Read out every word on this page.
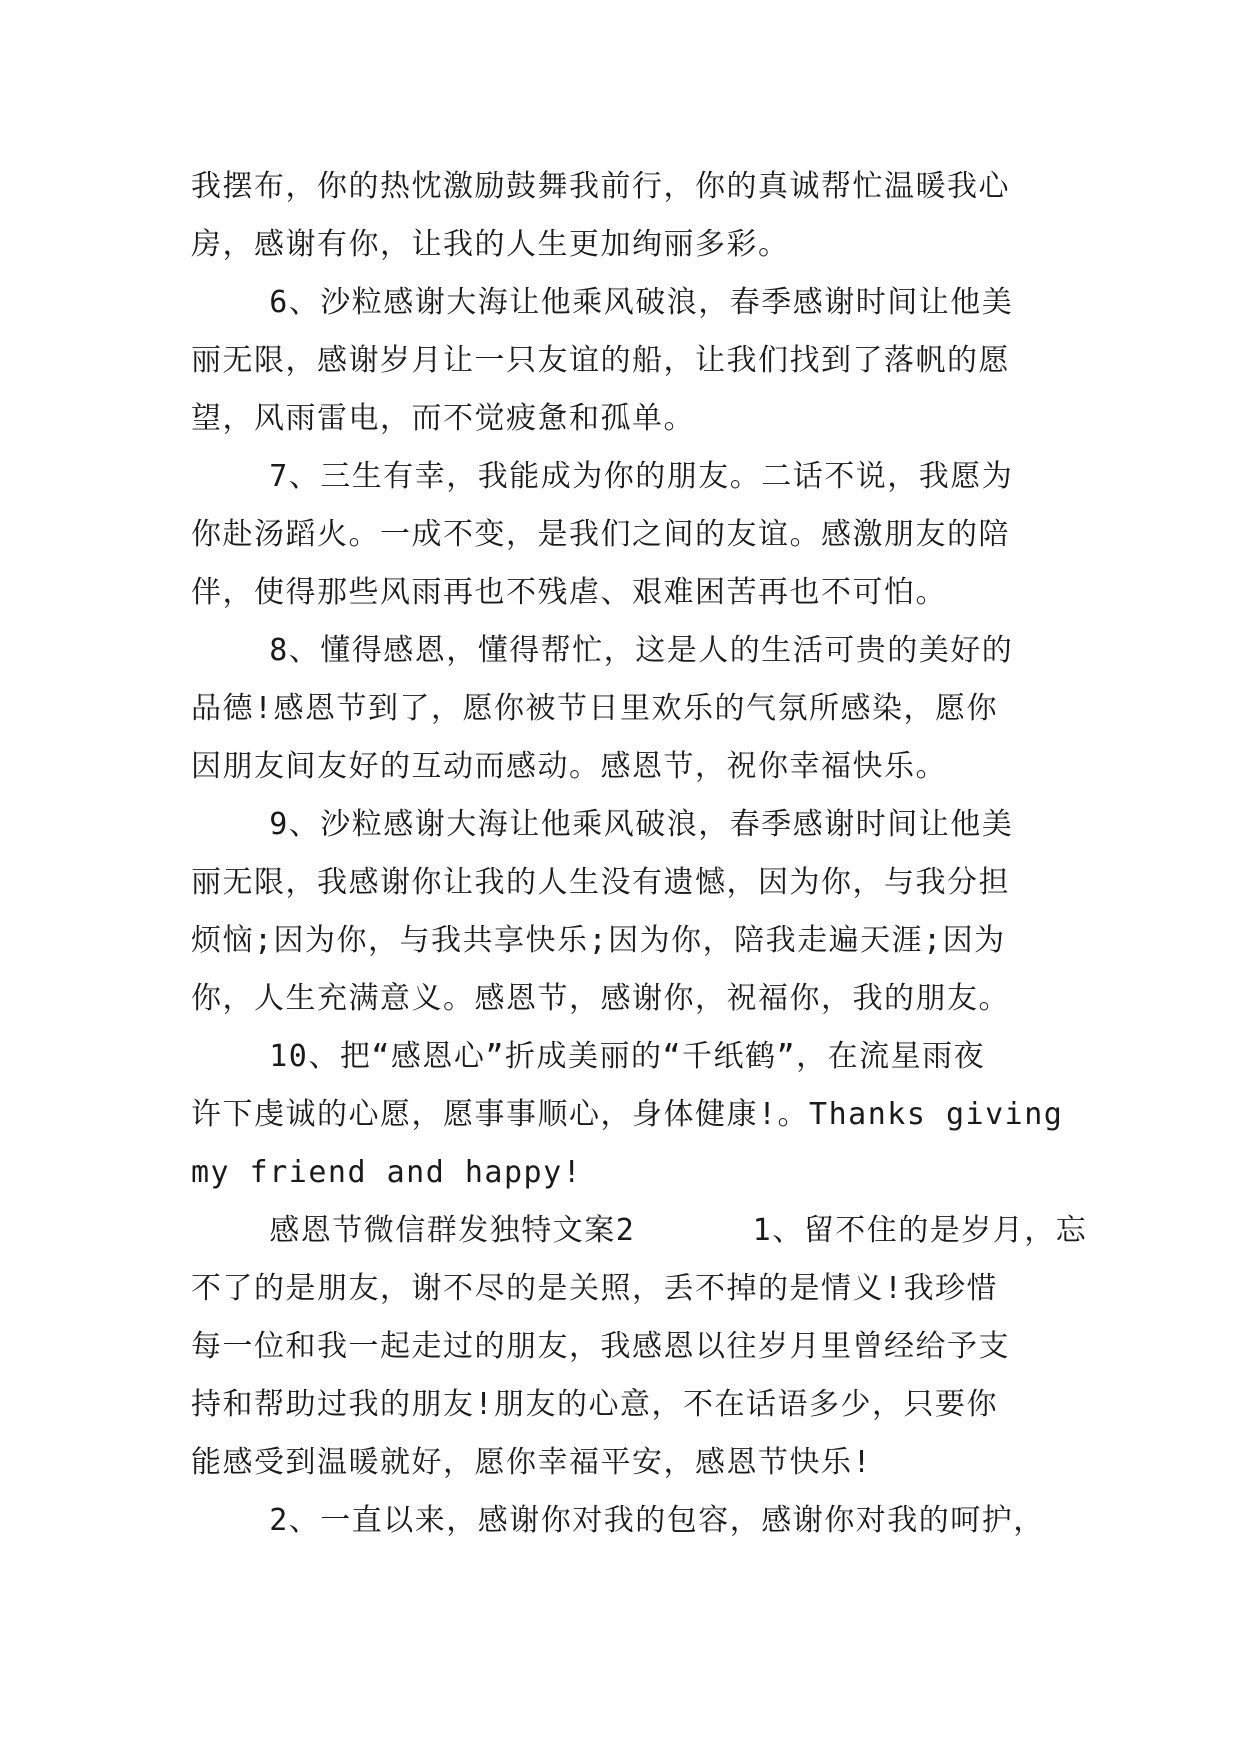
我摆布，你的热忱激励鼓舞我前行，你的真诚帮忙温暖我心
房，感谢有你，让我的人生更加绚丽多彩。
6、沙粒感谢大海让他乘风破浪，春季感谢时间让他美
丽无限，感谢岁月让一只友谊的船，让我们找到了落帆的愿
望，风雨雷电，而不觉疲惫和孤单。
7、三生有幸，我能成为你的朋友。二话不说，我愿为
你赴汤蹈火。一成不变，是我们之间的友谊。感激朋友的陪
伴，使得那些风雨再也不残虐、艰难困苦再也不可怕。
8、懂得感恩，懂得帮忙，这是人的生活可贵的美好的
品德!感恩节到了，愿你被节日里欢乐的气氛所感染，愿你
因朋友间友好的互动而感动。感恩节，祝你幸福快乐。
9、沙粒感谢大海让他乘风破浪，春季感谢时间让他美
丽无限，我感谢你让我的人生没有遗憾，因为你，与我分担
烦恼;因为你，与我共享快乐;因为你，陪我走遍天涯;因为
你，人生充满意义。感恩节，感谢你，祝福你，我的朋友。
10、把“感恩心”折成美丽的“千纸鹤”，在流星雨夜
许下虔诚的心愿，愿事事顺心，身体健康!。Thanks giving
my friend and happy!
感恩节微信群发独特文案2      1、留不住的是岁月，忘
不了的是朋友，谢不尽的是关照，丢不掉的是情义!我珍惜
每一位和我一起走过的朋友，我感恩以往岁月里曾经给予支
持和帮助过我的朋友!朋友的心意，不在话语多少，只要你
能感受到温暖就好，愿你幸福平安，感恩节快乐!
2、一直以来，感谢你对我的包容，感谢你对我的呵护，
